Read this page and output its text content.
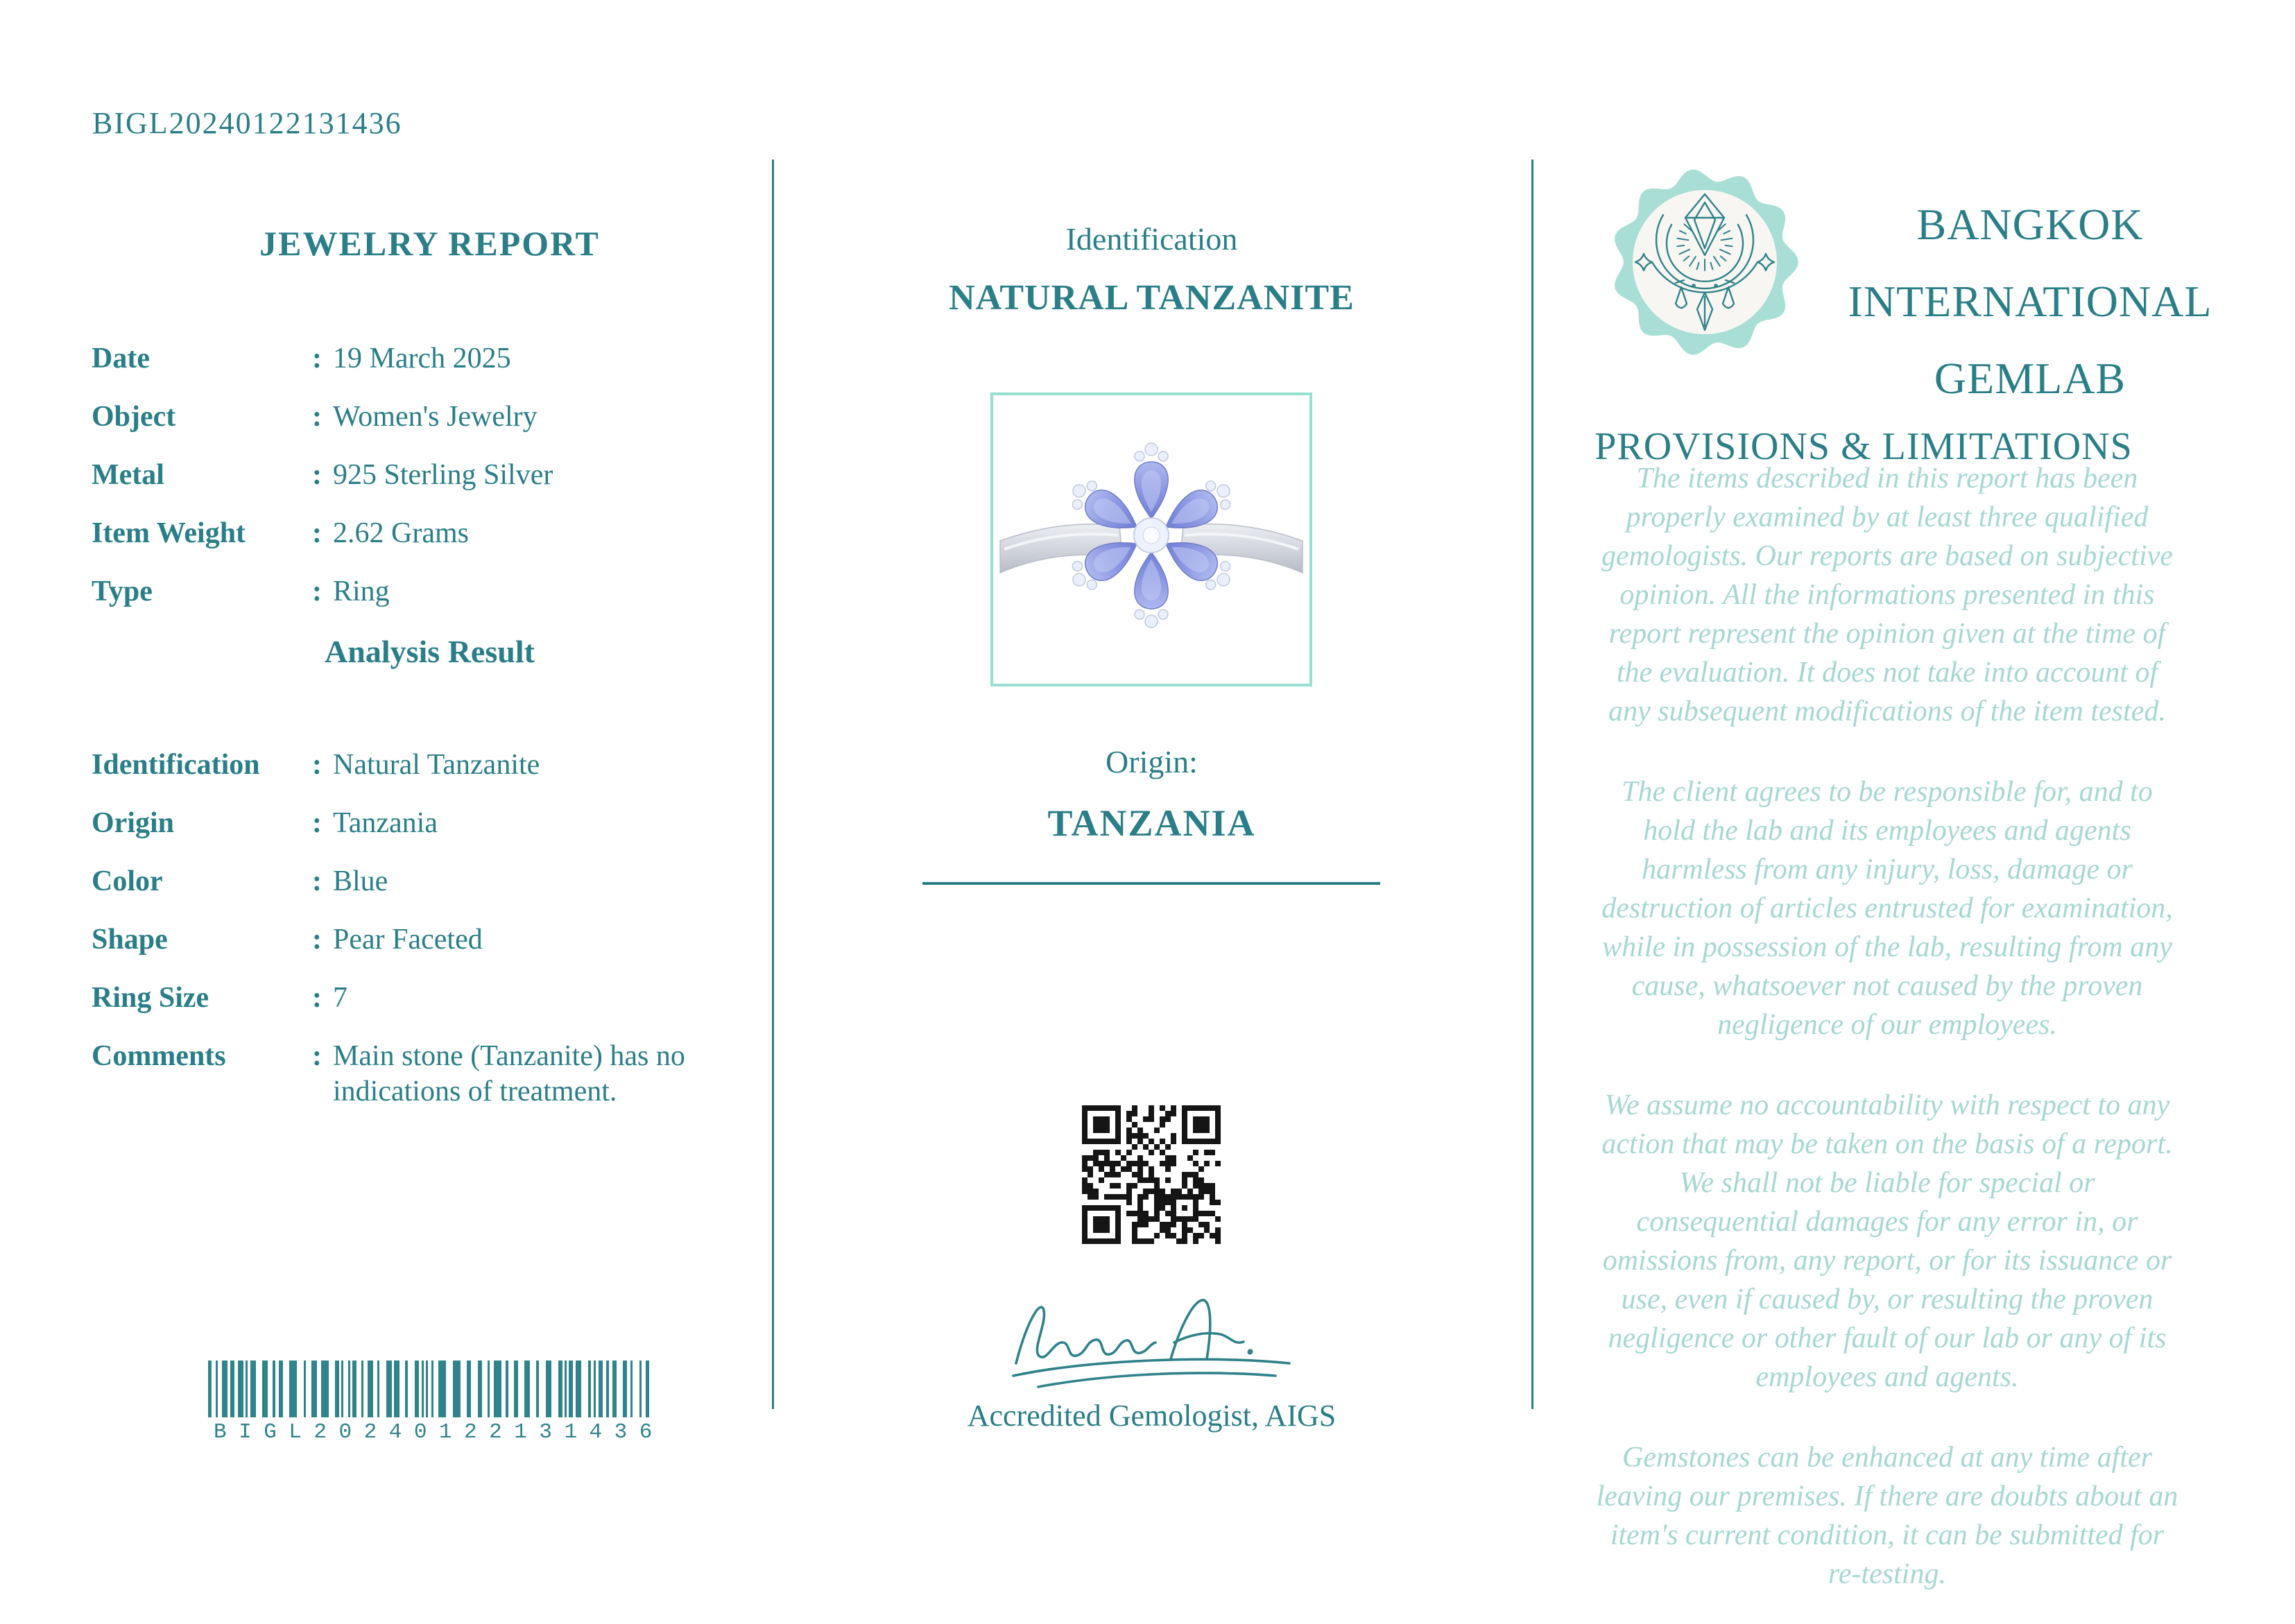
BIGL20240122131436
JEWELRY REPORT
Date	: 19 March 2025
Object	: Women's Jewelry
Metal	: 925 Sterling Silver
Item Weight	: 2.62 Grams
Type	: Ring
Analysis Result
Identification	: Natural Tanzanite
Origin	: Tanzania
Color	: Blue
Shape	: Pear Faceted
Ring Size	: 7
Comments	: Main stone (Tanzanite) has no indications of treatment.
BIGL20240122131436
Identification
NATURAL TANZANITE
Origin:
TANZANIA
Accredited Gemologist, AIGS
BANGKOK
INTERNATIONAL
GEMLAB
PROVISIONS & LIMITATIONS

The items described in this report has been properly examined by at least three qualified gemologists. Our reports are based on subjective opinion. All the informations presented in this report represent the opinion given at the time of the evaluation. It does not take into account of any subsequent modifications of the item tested.

The client agrees to be responsible for, and to hold the lab and its employees and agents harmless from any injury, loss, damage or destruction of articles entrusted for examination, while in possession of the lab, resulting from any cause, whatsoever not caused by the proven negligence of our employees.

We assume no accountability with respect to any action that may be taken on the basis of a report. We shall not be liable for special or consequential damages for any error in, or omissions from, any report, or for its issuance or use, even if caused by, or resulting the proven negligence or other fault of our lab or any of its employees and agents.

Gemstones can be enhanced at any time after leaving our premises. If there are doubts about an item's current condition, it can be submitted for re-testing.
